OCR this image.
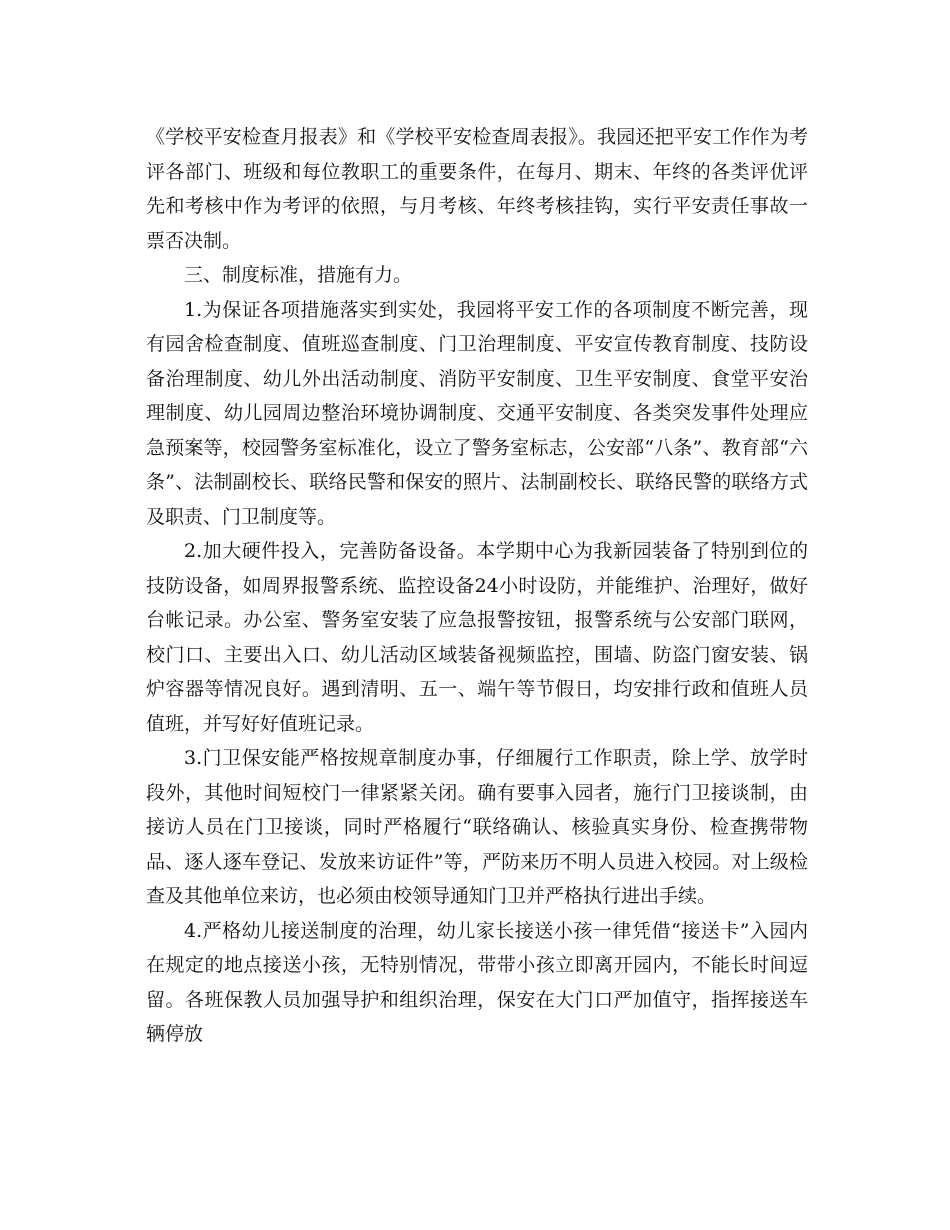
《学校平安检查月报表》和《学校平安检查周表报》。我园还把平安工作作为考评各部门、班级和每位教职工的重要条件，在每月、期末、年终的各类评优评先和考核中作为考评的依照，与月考核、年终考核挂钩，实行平安责任事故一票否决制。

三、制度标准，措施有力。

1.为保证各项措施落实到实处，我园将平安工作的各项制度不断完善，现有园舍检查制度、值班巡查制度、门卫治理制度、平安宣传教育制度、技防设备治理制度、幼儿外出活动制度、消防平安制度、卫生平安制度、食堂平安治理制度、幼儿园周边整治环境协调制度、交通平安制度、各类突发事件处理应急预案等，校园警务室标准化，设立了警务室标志，公安部“八条”、教育部“六条”、法制副校长、联络民警和保安的照片、法制副校长、联络民警的联络方式及职责、门卫制度等。

2.加大硬件投入，完善防备设备。本学期中心为我新园装备了特别到位的技防设备，如周界报警系统、监控设备24小时设防，并能维护、治理好，做好台帐记录。办公室、警务室安装了应急报警按钮，报警系统与公安部门联网，校门口、主要出入口、幼儿活动区域装备视频监控，围墙、防盗门窗安装、锅炉容器等情况良好。遇到清明、五一、端午等节假日，均安排行政和值班人员值班，并写好好值班记录。

3.门卫保安能严格按规章制度办事，仔细履行工作职责，除上学、放学时段外，其他时间短校门一律紧紧关闭。确有要事入园者，施行门卫接谈制，由接访人员在门卫接谈，同时严格履行“联络确认、核验真实身份、检查携带物品、逐人逐车登记、发放来访证件”等，严防来历不明人员进入校园。对上级检查及其他单位来访，也必须由校领导通知门卫并严格执行进出手续。

4.严格幼儿接送制度的治理，幼儿家长接送小孩一律凭借“接送卡”入园内在规定的地点接送小孩，无特别情况，带带小孩立即离开园内，不能长时间逗留。各班保教人员加强导护和组织治理，保安在大门口严加值守，指挥接送车辆停放
